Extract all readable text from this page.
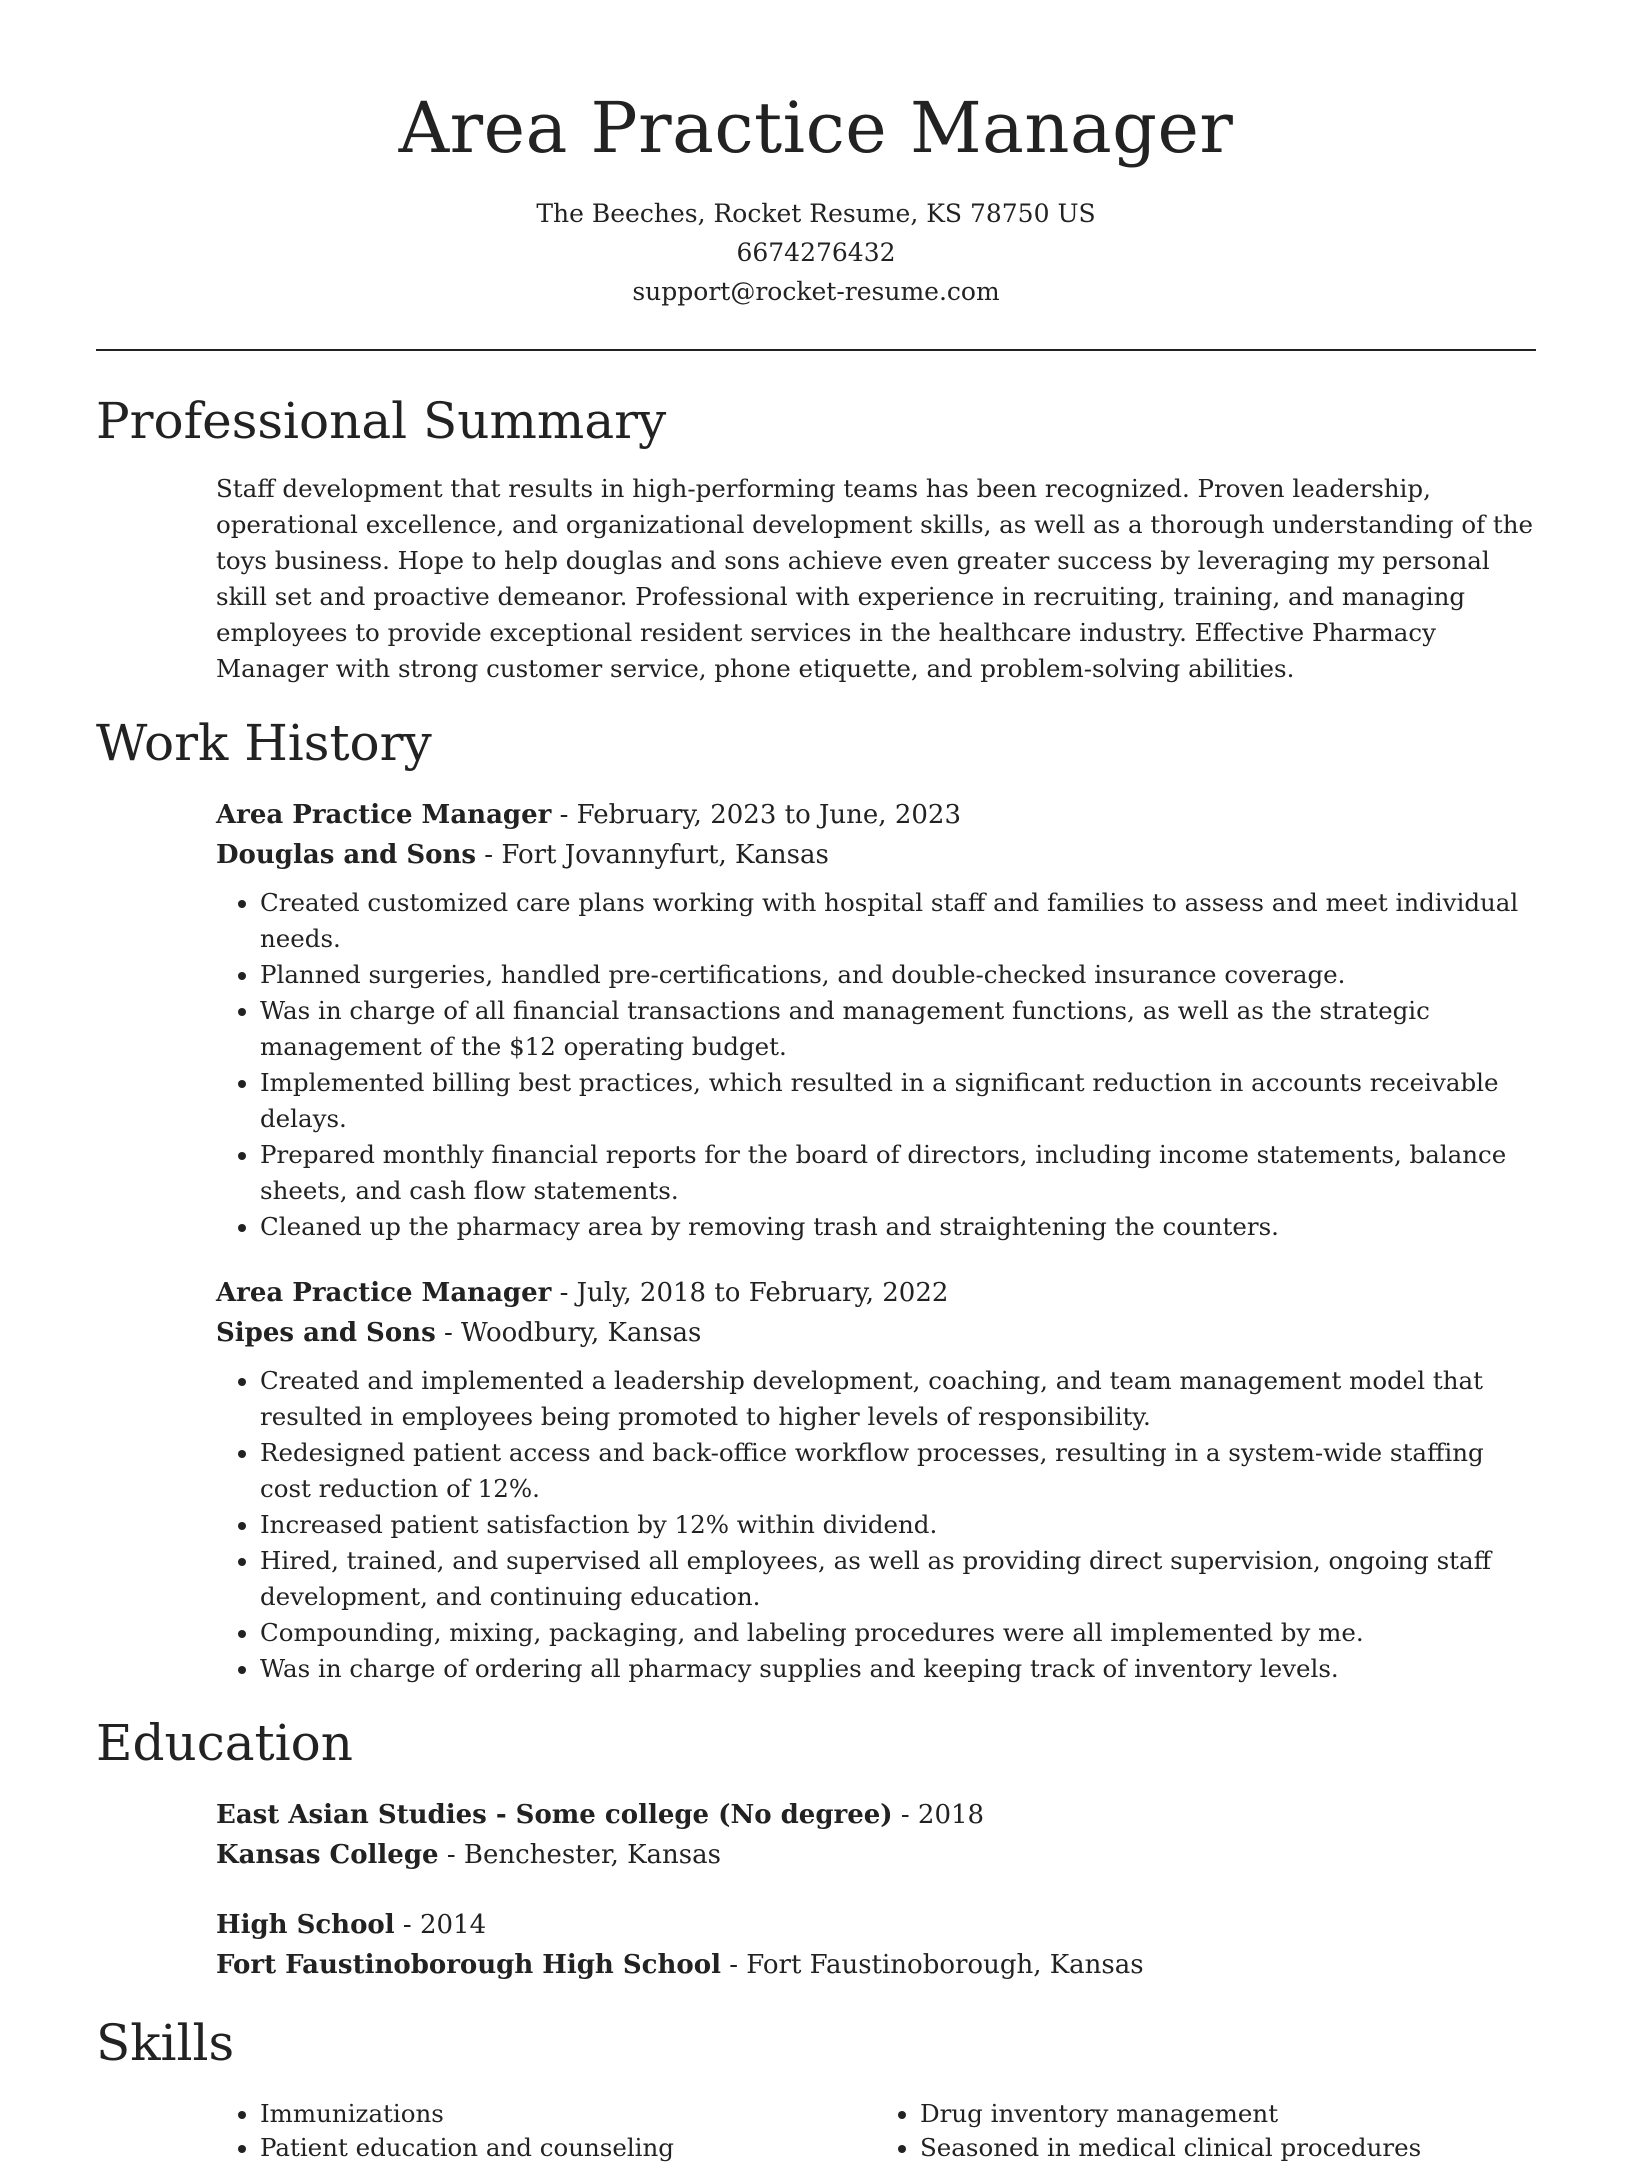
Area Practice Manager
The Beeches, Rocket Resume, KS 78750 US
6674276432
support@rocket-resume.com
Professional Summary
Staff development that results in high-performing teams has been recognized. Proven leadership, operational excellence, and organizational development skills, as well as a thorough understanding of the toys business. Hope to help douglas and sons achieve even greater success by leveraging my personal skill set and proactive demeanor. Professional with experience in recruiting, training, and managing employees to provide exceptional resident services in the healthcare industry. Effective Pharmacy Manager with strong customer service, phone etiquette, and problem-solving abilities.
Work History
Area Practice Manager - February, 2023 to June, 2023
Douglas and Sons - Fort Jovannyfurt, Kansas
• Created customized care plans working with hospital staff and families to assess and meet individual needs.
• Planned surgeries, handled pre-certifications, and double-checked insurance coverage.
• Was in charge of all financial transactions and management functions, as well as the strategic management of the $12 operating budget.
• Implemented billing best practices, which resulted in a significant reduction in accounts receivable delays.
• Prepared monthly financial reports for the board of directors, including income statements, balance sheets, and cash flow statements.
• Cleaned up the pharmacy area by removing trash and straightening the counters.
Area Practice Manager - July, 2018 to February, 2022
Sipes and Sons - Woodbury, Kansas
• Created and implemented a leadership development, coaching, and team management model that resulted in employees being promoted to higher levels of responsibility.
• Redesigned patient access and back-office workflow processes, resulting in a system-wide staffing cost reduction of 12%.
• Increased patient satisfaction by 12% within dividend.
• Hired, trained, and supervised all employees, as well as providing direct supervision, ongoing staff development, and continuing education.
• Compounding, mixing, packaging, and labeling procedures were all implemented by me.
• Was in charge of ordering all pharmacy supplies and keeping track of inventory levels.
Education
East Asian Studies - Some college (No degree) - 2018
Kansas College - Benchester, Kansas
High School - 2014
Fort Faustinoborough High School - Fort Faustinoborough, Kansas
Skills
• Immunizations
• Patient education and counseling
• Drug inventory management
• Seasoned in medical clinical procedures
